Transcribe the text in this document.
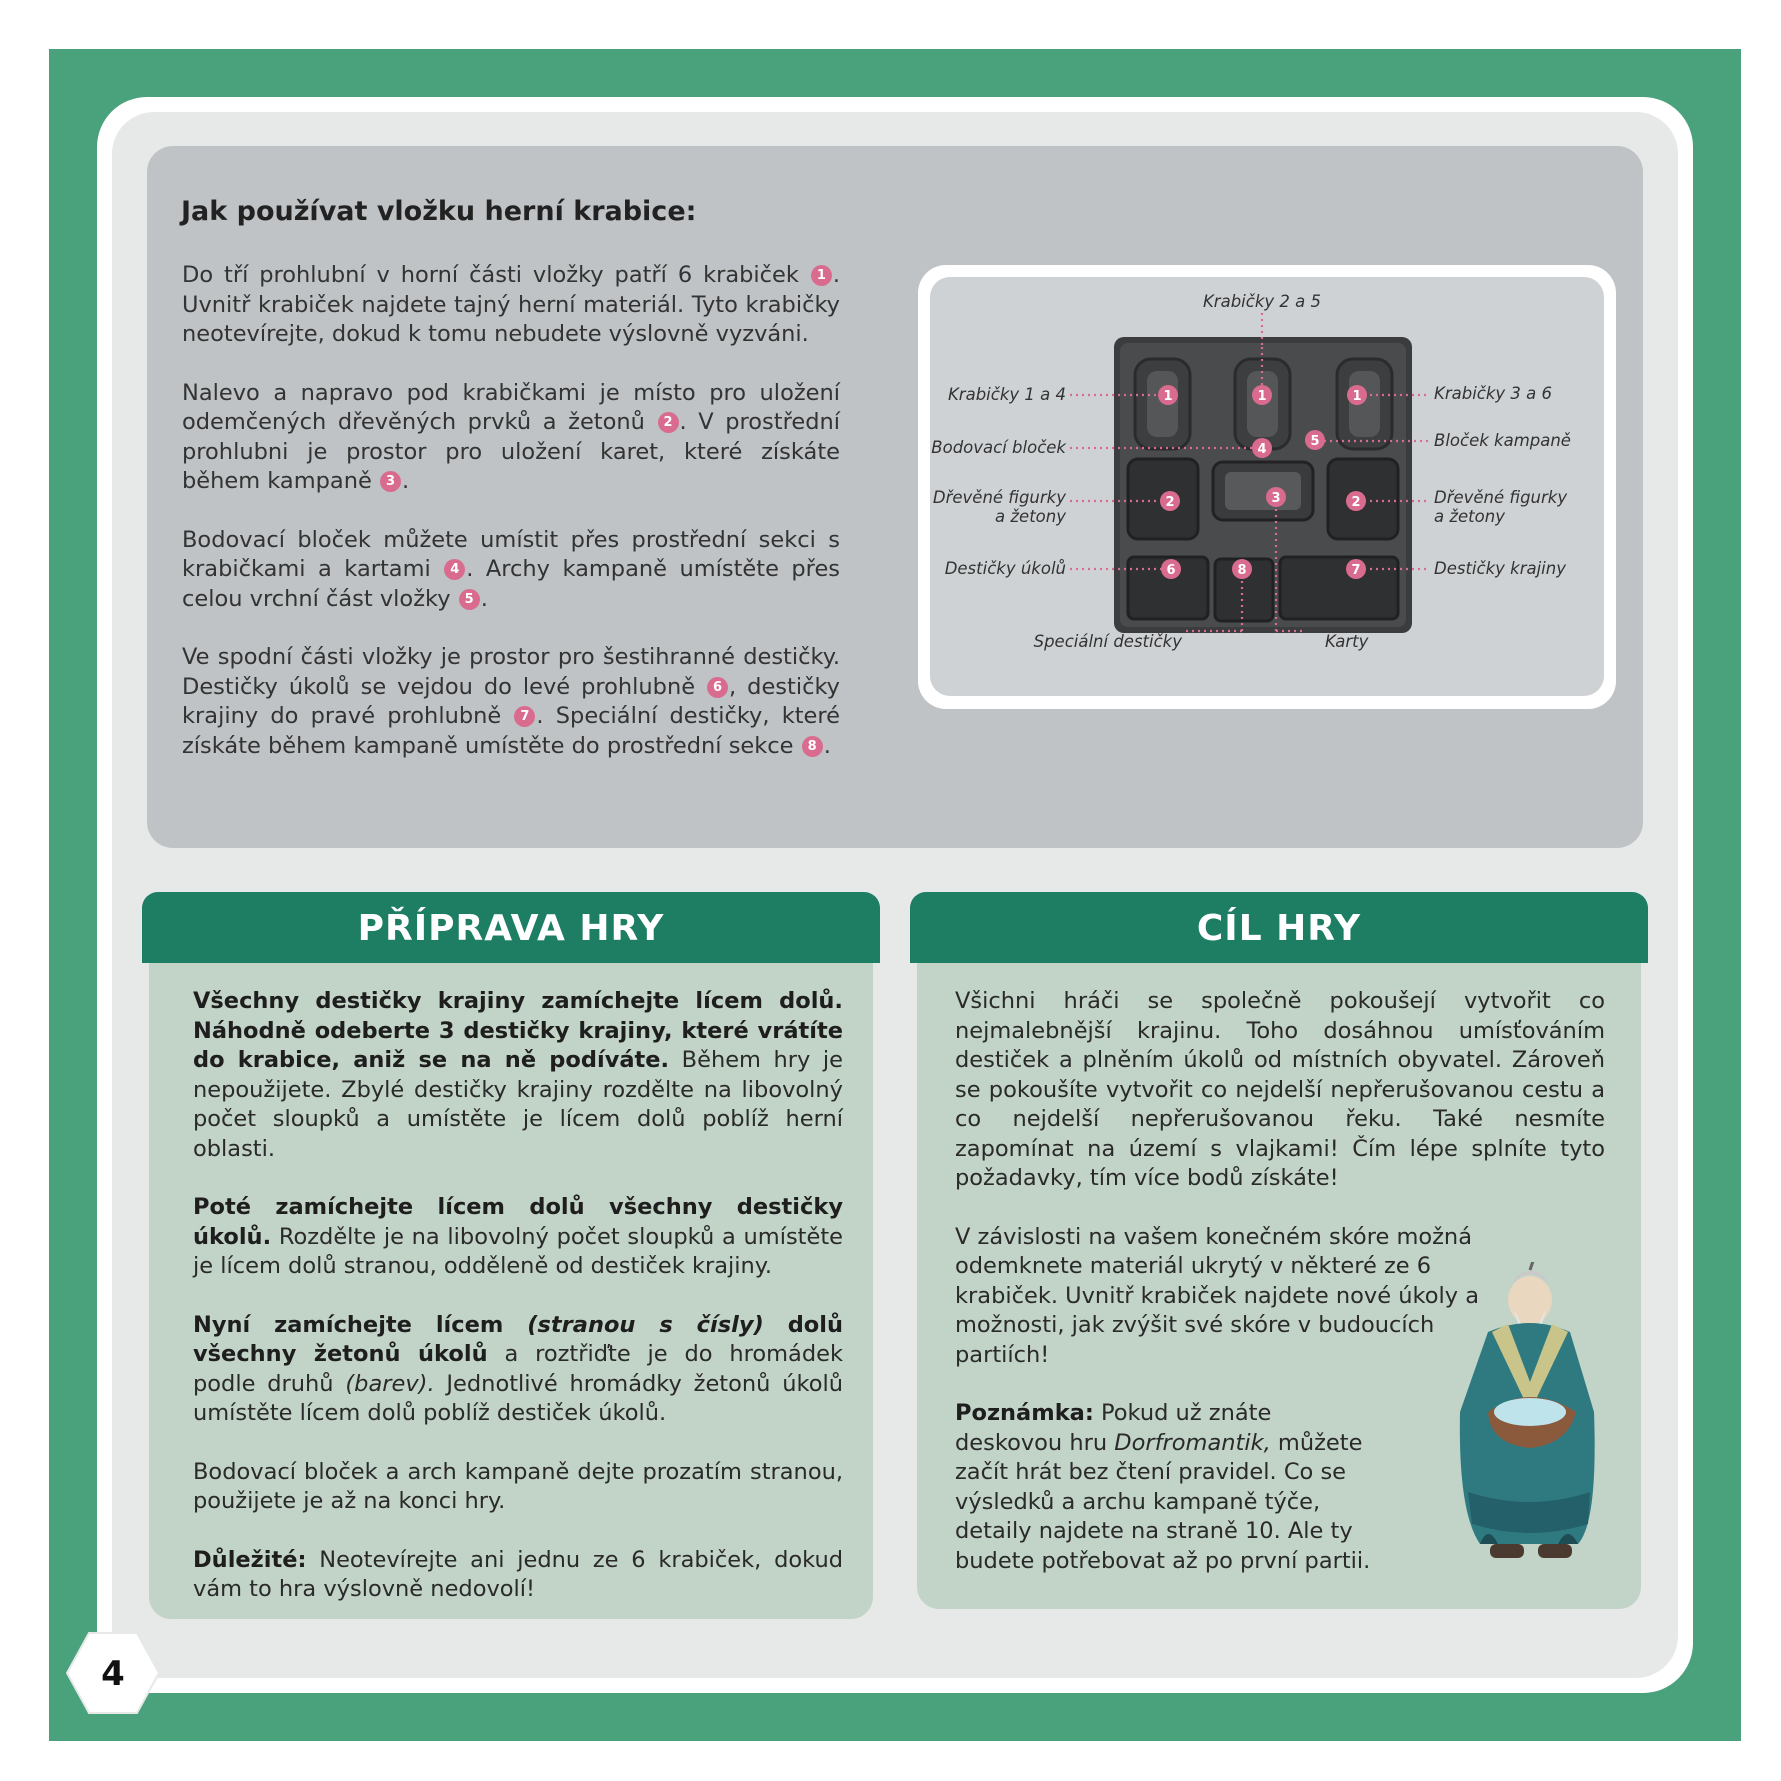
Jak používat vložku herní krabice:

Do tří prohlubní v horní části vložky patří 6 krabiček 1 . Uvnitř krabiček najdete tajný herní materiál. Tyto krabičky neotevírejte, dokud k tomu nebudete výslovně vyzváni.

Nalevo a napravo pod krabičkami je místo pro uložení odemčených dřevěných prvků a žetonů 2 . V prostřední prohlubni je prostor pro uložení karet, které získáte během kampaně 3 .

Bodovací bloček můžete umístit přes prostřední sekci s krabičkami a kartami 4 . Archy kampaně umístěte přes celou vrchní část vložky 5 .

Ve spodní části vložky je prostor pro šestihranné destičky. Destičky úkolů se vejdou do levé prohlubně 6 , destičky krajiny do pravé prohlubně 7 . Speciální destičky, které získáte během kampaně umístěte do prostřední sekce 8 .

1	1	1
4
5
2	3	2
6	8	7
Krabičky 2 a 5
Krabičky 1 a 4
Bodovací bloček
Dřevěné figurky
a žetony
Destičky úkolů
Krabičky 3 a 6
Bloček kampaně
Dřevěné figurky
a žetony
Destičky krajiny
Speciální destičky	Karty
PŘÍPRAVA HRY

Všechny destičky krajiny zamíchejte lícem dolů. Náhodně odeberte 3 destičky krajiny, které vrátíte do krabice, aniž se na ně podíváte. Během hry je nepoužijete. Zbylé destičky krajiny rozdělte na libovolný počet sloupků a umístěte je lícem dolů poblíž herní oblasti.

Poté zamíchejte lícem dolů všechny destičky úkolů. Rozdělte je na libovolný počet sloupků a umístěte je lícem dolů stranou, odděleně od destiček krajiny.

Nyní zamíchejte lícem (stranou s čísly) dolů všechny žetonů úkolů a roztřiďte je do hromádek podle druhů (barev). Jednotlivé hromádky žetonů úkolů umístěte lícem dolů poblíž destiček úkolů.

Bodovací bloček a arch kampaně dejte prozatím stranou, použijete je až na konci hry.

Důležité: Neotevírejte ani jednu ze 6 krabiček, dokud vám to hra výslovně nedovolí!

CÍL HRY

Všichni hráči se společně pokoušejí vytvořit co nejmalebnější krajinu. Toho dosáhnou umísťováním destiček a plněním úkolů od místních obyvatel. Zároveň se pokoušíte vytvořit co nejdelší nepřerušovanou cestu a co nejdelší nepřerušovanou řeku. Také nesmíte zapomínat na území s vlajkami! Čím lépe splníte tyto požadavky, tím více bodů získáte!

V závislosti na vašem konečném skóre možná odemknete materiál ukrytý v některé ze 6 krabiček. Uvnitř krabiček najdete nové úkoly a možnosti, jak zvýšit své skóre v budoucích partiích!

Poznámka: Pokud už znáte deskovou hru Dorfromantik, můžete začít hrát bez čtení pravidel. Co se výsledků a archu kampaně týče, detaily najdete na straně 10. Ale ty budete potřebovat až po první partii.

4
